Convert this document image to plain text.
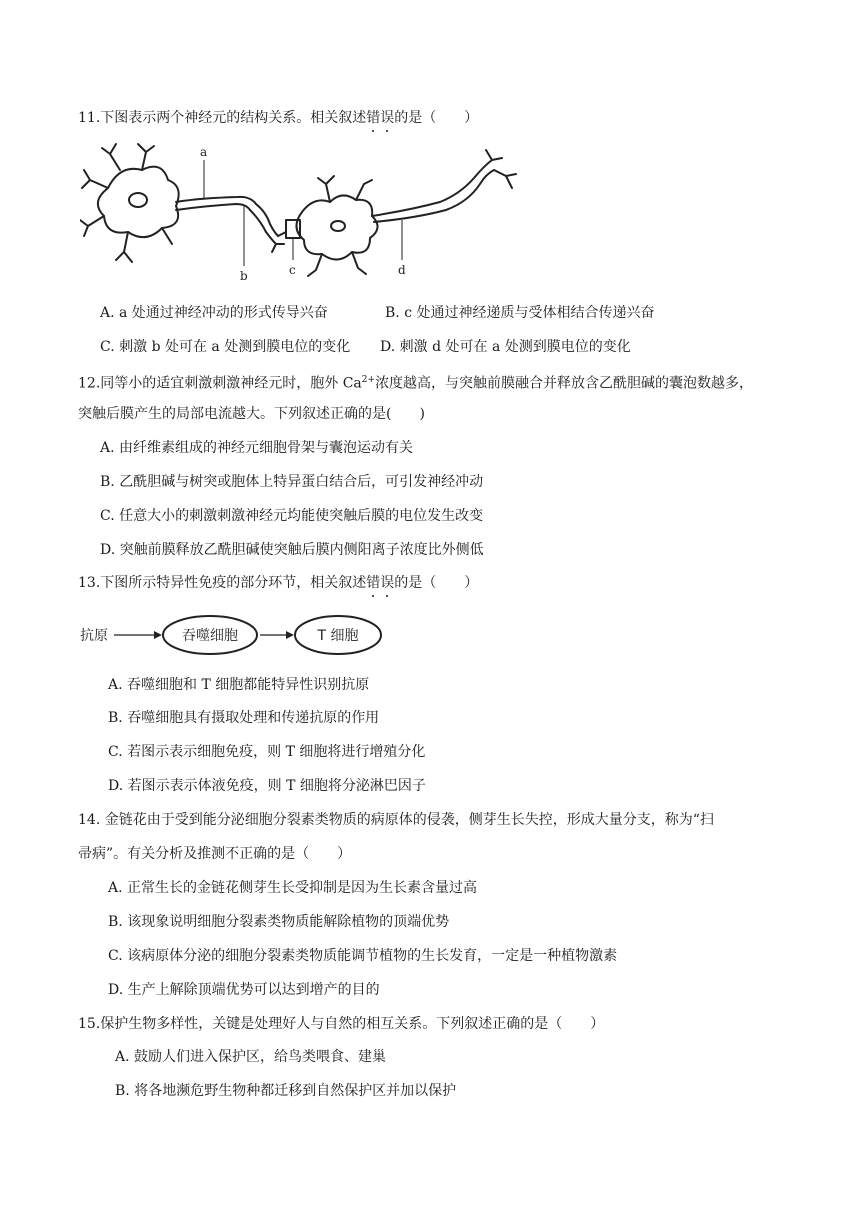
11.下图表示两个神经元的结构关系。相关叙述错误的是（　　）
a
b	c	d
A. a 处通过神经冲动的形式传导兴奋	B. c 处通过神经递质与受体相结合传递兴奋
C. 刺激 b 处可在 a 处测到膜电位的变化 D. 刺激 d 处可在 a 处测到膜电位的变化
12.同等小的适宜刺激刺激神经元时，胞外 $Ca^{2+}$浓度越高，与突触前膜融合并释放含乙酰胆碱的囊泡数越多，
突触后膜产生的局部电流越大。下列叙述正确的是(　　)
A. 由纤维素组成的神经元细胞骨架与囊泡运动有关
B. 乙酰胆碱与树突或胞体上特异蛋白结合后，可引发神经冲动
C. 任意大小的刺激刺激神经元均能使突触后膜的电位发生改变
D. 突触前膜释放乙酰胆碱使突触后膜内侧阳离子浓度比外侧低
13.下图所示特异性免疫的部分环节，相关叙述错误的是（　　）
抗原	吞噬细胞	T 细胞
A. 吞噬细胞和 T 细胞都能特异性识别抗原
B. 吞噬细胞具有摄取处理和传递抗原的作用
C. 若图示表示细胞免疫，则 T 细胞将进行增殖分化
D. 若图示表示体液免疫，则 T 细胞将分泌淋巴因子
14. 金链花由于受到能分泌细胞分裂素类物质的病原体的侵袭，侧芽生长失控，形成大量分支，称为“扫
帚病”。有关分析及推测不正确的是（　　）
A. 正常生长的金链花侧芽生长受抑制是因为生长素含量过高
B. 该现象说明细胞分裂素类物质能解除植物的顶端优势
C. 该病原体分泌的细胞分裂素类物质能调节植物的生长发育，一定是一种植物激素
D. 生产上解除顶端优势可以达到增产的目的
15.保护生物多样性，关键是处理好人与自然的相互关系。下列叙述正确的是（　　）
A. 鼓励人们进入保护区，给鸟类喂食、建巢
B. 将各地濒危野生物种都迁移到自然保护区并加以保护
